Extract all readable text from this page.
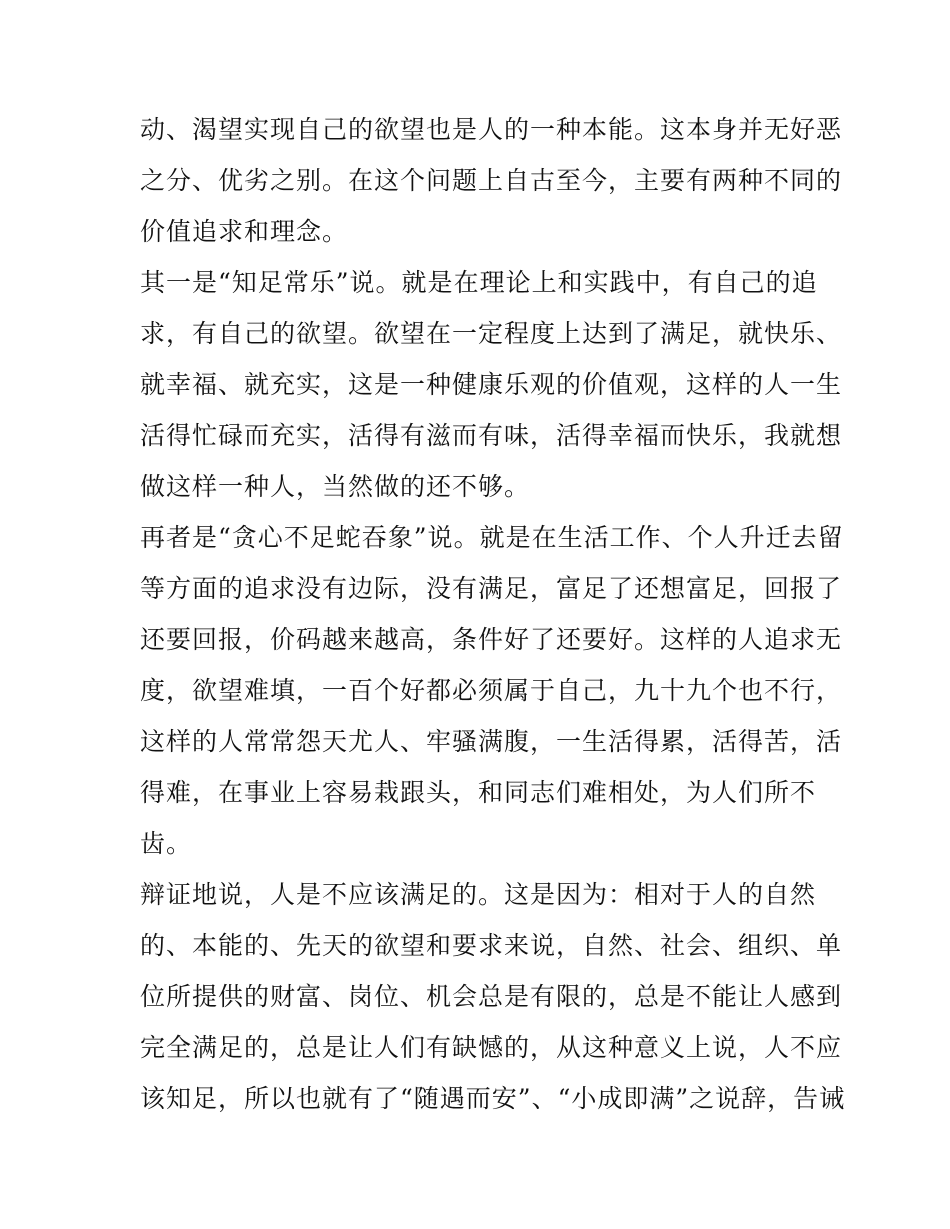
动、渴望实现自己的欲望也是人的一种本能。这本身并无好恶
之分、优劣之别。在这个问题上自古至今，主要有两种不同的
价值追求和理念。
其一是“知足常乐”说。就是在理论上和实践中，有自己的追
求，有自己的欲望。欲望在一定程度上达到了满足，就快乐、
就幸福、就充实，这是一种健康乐观的价值观，这样的人一生
活得忙碌而充实，活得有滋而有味，活得幸福而快乐，我就想
做这样一种人，当然做的还不够。
再者是“贪心不足蛇吞象”说。就是在生活工作、个人升迁去留
等方面的追求没有边际，没有满足，富足了还想富足，回报了
还要回报，价码越来越高，条件好了还要好。这样的人追求无
度，欲望难填，一百个好都必须属于自己，九十九个也不行，
这样的人常常怨天尤人、牢骚满腹，一生活得累，活得苦，活
得难，在事业上容易栽跟头，和同志们难相处，为人们所不
齿。
辩证地说，人是不应该满足的。这是因为：相对于人的自然
的、本能的、先天的欲望和要求来说，自然、社会、组织、单
位所提供的财富、岗位、机会总是有限的，总是不能让人感到
完全满足的，总是让人们有缺憾的，从这种意义上说，人不应
该知足，所以也就有了“随遇而安”、“小成即满”之说辞，告诫
